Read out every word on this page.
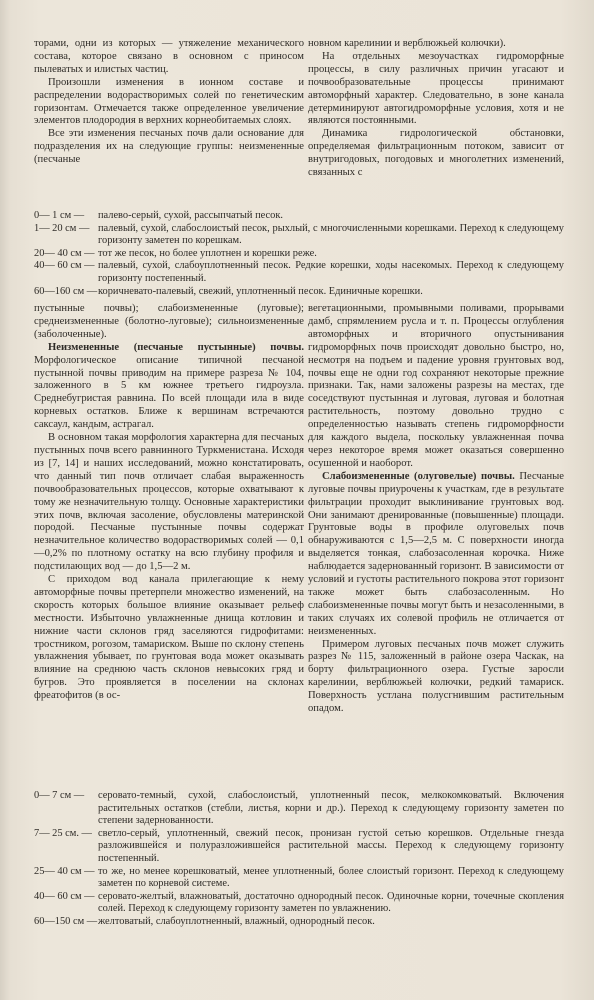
торами, одни из которых — утяжеление механического состава, которое связано в основном с приносом пылеватых и илистых частиц.

Произошли изменения в ионном составе и распределении водорастворимых солей по генетическим горизонтам. Отмечается также определенное увеличение элементов плодородия в верхних корнеобитаемых слоях.

Все эти изменения песчаных почв дали основание для подразделения их на следующие группы: неизмененные (песчаные

новном карелинии и верблюжьей колючки).

На отдельных мезоучастках гидроморфные процессы, в силу различных причин угасают и почвообразовательные процессы принимают автоморфный характер. Следовательно, в зоне канала детерминируют автогидроморфные условия, хотя и не являются постоянными.

Динамика гидрологической обстановки, определяемая фильтрационным потоком, зависит от внутригодовых, погодовых и многолетних изменений, связанных с

0— 1 см —	палево-серый, сухой, рассыпчатый песок.
1— 20 см — палевый, сухой, слабослоистый песок, рыхлый, с многочисленными корешками. Переход к следующему горизонту заметен по корешкам.
20— 40 см — тот же песок, но более уплотнен и корешки реже.
40— 60 см — палевый, сухой, слабоуплотненный песок. Редкие корешки, ходы насекомых. Переход к следующему горизонту постепенный.
60—160 см — коричневато-палевый, свежий, уплотненный песок. Единичные корешки.

пустынные почвы); слабоизмененные (луговые); среднеизмененные (болотно-луговые); сильноизмененные (заболоченные).

Неизмененные (песчаные пустынные) почвы. Морфологическое описание типичной песчаной пустынной почвы приводим на примере разреза № 104, заложенного в 5 км южнее третьего гидроузла. Среднебугристая равнина. По всей площади ила в виде корневых остатков. Ближе к вершинам встречаются саксаул, кандым, астрагал.

В основном такая морфология характерна для песчаных пустынных почв всего равнинного Туркменистана. Исходя из [7, 14] и наших исследований, можно констатировать, что данный тип почв отличает слабая выраженность почвообразовательных процессов, которые охватывают к тому же незначительную толщу. Основные характеристики этих почв, включая засоление, обусловлены материнской породой. Песчаные пустынные почвы содержат незначительное количество водорастворимых солей — 0,1—0,2% по плотному остатку на всю глубину профиля и подстилающих вод — до 1,5—2 м.

С приходом вод канала прилегающие к нему автоморфные почвы претерпели множество изменений, на скорость которых большое влияние оказывает рельеф местности. Избыточно увлажненные днища котловин и нижние части склонов гряд заселяются гидрофитами: тростником, рогозом, тамариском. Выше по склону степень увлажнения убывает, по грунтовая вода может оказывать влияние на среднюю часть склонов невысоких гряд и бугров. Это проявляется в поселении на склонах фреатофитов (в ос-

вегетационными, промывными поливами, прорывами дамб, спрямлением русла и т. п. Процессы оглубления автоморфных и вторичного опустынивания гидроморфных почв происходят довольно быстро, но, несмотря на подъем и падение уровня грунтовых вод, почвы еще не одни год сохраняют некоторые прежние признаки. Так, нами заложены разрезы на местах, где соседствуют пустынная и луговая, луговая и болотная растительность, поэтому довольно трудно с определенностью называть степень гидроморфности для каждого выдела, поскольку увлажненная почва через некоторое время может оказаться совершенно осушенной и наоборот.

Слабоизмененные (олуговелые) почвы. Песчаные луговые почвы приурочены к участкам, где в результате фильтрации проходит выклинивание грунтовых вод. Они занимают дренированные (повышенные) площади. Грунтовые воды в профиле олуговелых почв обнаруживаются с 1,5—2,5 м. С поверхности иногда выделяется тонкая, слабозасоленная корочка. Ниже наблюдается задернованный горизонт. В зависимости от условий и густоты растительного покрова этот горизонт также может быть слабозасоленным. Но слабоизмененные почвы могут быть и незасоленными, в таких случаях их солевой профиль не отличается от неизмененных.

Примером луговых песчаных почв может служить разрез № 115, заложенный в районе озера Часкак, на борту фильтрационного озера. Густые заросли карелинии, верблюжьей колючки, редкий тамариск. Поверхность устлана полусгнившим растительным опадом.

0— 7 см —	серовато-темный, сухой, слабослоистый, уплотненный песок, мелкокомковатый. Включения растительных остатков (стебли, листья, корни и др.). Переход к следующему горизонту заметен по степени задернованности.
7— 25 см. — светло-серый, уплотненный, свежий песок, пронизан густой сетью корешков. Отдельные гнезда разложившейся и полуразложившейся растительной массы. Переход к следующему горизонту постепенный.
25— 40 см — то же, но менее корешковатый, менее уплотненный, более слоистый горизонт. Переход к следующему заметен по корневой системе.
40— 60 см — серовато-желтый, влажноватый, достаточно однородный песок. Одиночные корни, точечные скопления солей. Переход к следующему горизонту заметен по увлажнению.
60—150 см — желтоватый, слабоуплотненный, влажный, однородный песок.
